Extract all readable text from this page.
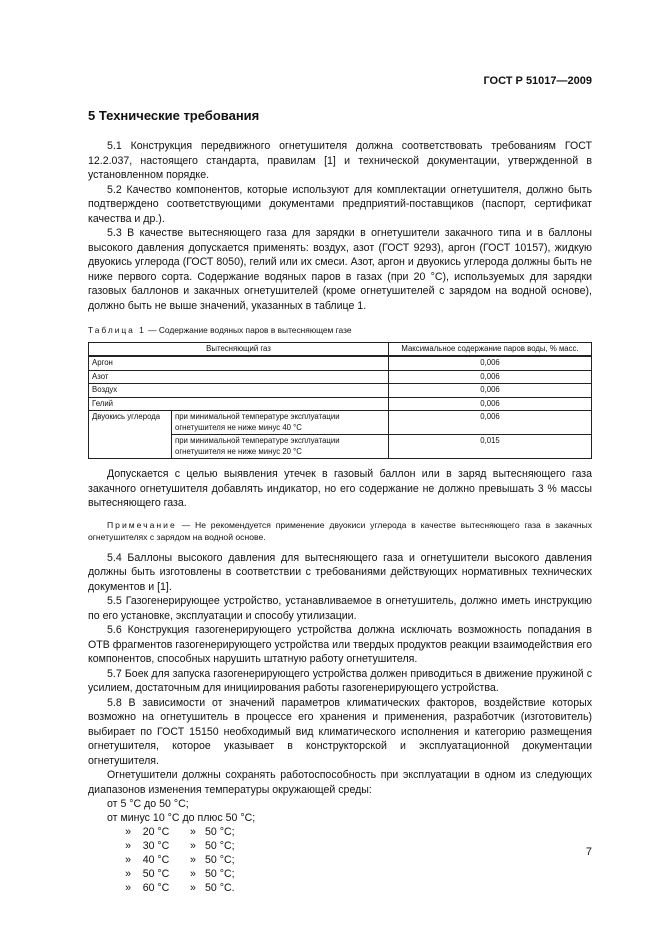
ГОСТ Р 51017—2009
5 Технические требования

5.1 Конструкция передвижного огнетушителя должна соответствовать требованиям ГОСТ 12.2.037, настоящего стандарта, правилам [1] и технической документации, утвержденной в установленном порядке.

5.2 Качество компонентов, которые используют для комплектации огнетушителя, должно быть подтверждено соответствующими документами предприятий-поставщиков (паспорт, сертификат качества и др.).

5.3 В качестве вытесняющего газа для зарядки в огнетушители закачного типа и в баллоны высокого давления допускается применять: воздух, азот (ГОСТ 9293), аргон (ГОСТ 10157), жидкую двуокись углерода (ГОСТ 8050), гелий или их смеси. Азот, аргон и двуокись углерода должны быть не ниже первого сорта. Содержание водяных паров в газах (при 20 °С), используемых для зарядки газовых баллонов и закачных огнетушителей (кроме огнетушителей с зарядом на водной основе), должно быть не выше значений, указанных в таблице 1.

Таблица 1 — Содержание водяных паров в вытесняющем газе

Вытесняющий газ		Максимальное содержание паров воды, % масс.
Аргон		0,006
Азот		0,006
Воздух		0,006
Гелий		0,006
Двуокись углерода	при минимальной температуре эксплуатации огнетушителя не ниже минус 40 °С	0,006
	при минимальной температуре эксплуатации огнетушителя не ниже минус 20 °С	0,015

Допускается с целью выявления утечек в газовый баллон или в заряд вытесняющего газа закачного огнетушителя добавлять индикатор, но его содержание не должно превышать 3 % массы вытесняющего газа.

Примечание — Не рекомендуется применение двуокиси углерода в качестве вытесняющего газа в закачных огнетушителях с зарядом на водной основе.

5.4 Баллоны высокого давления для вытесняющего газа и огнетушители высокого давления должны быть изготовлены в соответствии с требованиями действующих нормативных технических документов и [1].

5.5 Газогенерирующее устройство, устанавливаемое в огнетушитель, должно иметь инструкцию по его установке, эксплуатации и способу утилизации.

5.6 Конструкция газогенерирующего устройства должна исключать возможность попадания в ОТВ фрагментов газогенерирующего устройства или твердых продуктов реакции взаимодействия его компонентов, способных нарушить штатную работу огнетушителя.

5.7 Боек для запуска газогенерирующего устройства должен приводиться в движение пружиной с усилием, достаточным для инициирования работы газогенерирующего устройства.

5.8 В зависимости от значений параметров климатических факторов, воздействие которых возможно на огнетушитель в процессе его хранения и применения, разработчик (изготовитель) выбирает по ГОСТ 15150 необходимый вид климатического исполнения и категорию размещения огнетушителя, которое указывает в конструкторской и эксплуатационной документации огнетушителя.

Огнетушители должны сохранять работоспособность при эксплуатации в одном из следующих диапазонов изменения температуры окружающей среды:

от 5 °С до 50 °С;
от минус 10 °С до плюс 50 °С;
»	20 °С	» 50 °С;
»	30 °С	» 50 °С;
»	40 °С	» 50 °С;
»	50 °С	» 50 °С;
»	60 °С	» 50 °С.
7
